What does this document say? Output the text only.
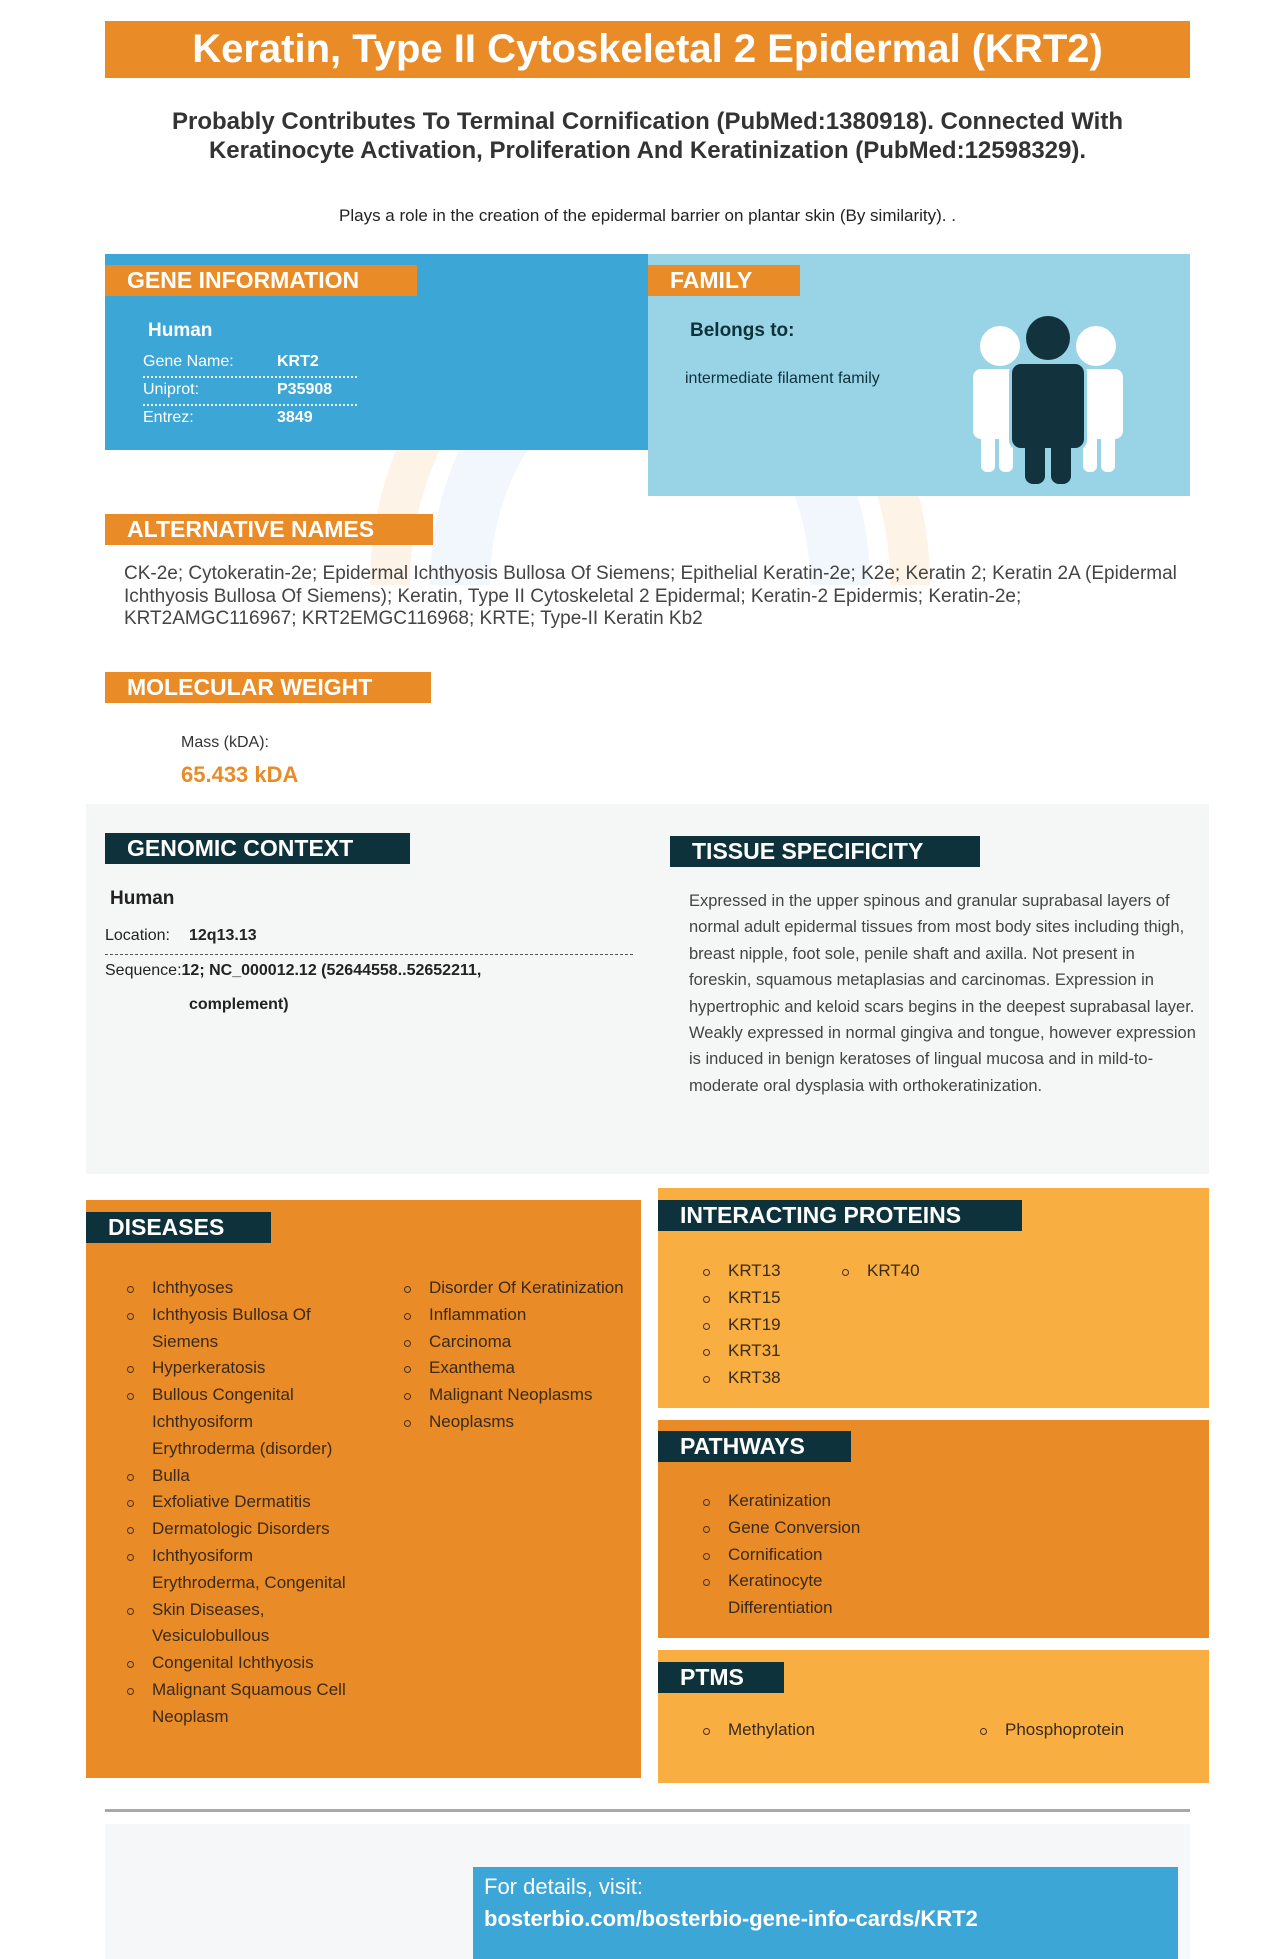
Keratin, Type II Cytoskeletal 2 Epidermal (KRT2)
Probably Contributes To Terminal Cornification (PubMed:1380918). Connected With Keratinocyte Activation, Proliferation And Keratinization (PubMed:12598329).
Plays a role in the creation of the epidermal barrier on plantar skin (By similarity). .
GENE INFORMATION
Human
Gene Name:	KRT2
Uniprot:	P35908
Entrez:	3849
FAMILY
Belongs to:
intermediate filament family
ALTERNATIVE NAMES
CK-2e; Cytokeratin-2e; Epidermal Ichthyosis Bullosa Of Siemens; Epithelial Keratin-2e; K2e; Keratin 2; Keratin 2A (Epidermal Ichthyosis Bullosa Of Siemens); Keratin, Type II Cytoskeletal 2 Epidermal; Keratin-2 Epidermis; Keratin-2e; KRT2AMGC116967; KRT2EMGC116968; KRTE; Type-II Keratin Kb2
MOLECULAR WEIGHT
Mass (kDA):
65.433 kDA
GENOMIC CONTEXT
Human
Location: 12q13.13
Sequence:12; NC_000012.12 (52644558..52652211,
complement)
TISSUE SPECIFICITY
Expressed in the upper spinous and granular suprabasal layers of normal adult epidermal tissues from most body sites including thigh, breast nipple, foot sole, penile shaft and axilla. Not present in foreskin, squamous metaplasias and carcinomas. Expression in hypertrophic and keloid scars begins in the deepest suprabasal layer. Weakly expressed in normal gingiva and tongue, however expression is induced in benign keratoses of lingual mucosa and in mild-to-moderate oral dysplasia with orthokeratinization.
DISEASES
Ichthyoses
Ichthyosis Bullosa Of Siemens
Hyperkeratosis
Bullous Congenital Ichthyosiform Erythroderma (disorder)
Bulla
Exfoliative Dermatitis
Dermatologic Disorders
Ichthyosiform Erythroderma, Congenital
Skin Diseases, Vesiculobullous
Congenital Ichthyosis
Malignant Squamous Cell Neoplasm
Disorder Of Keratinization
Inflammation
Carcinoma
Exanthema
Malignant Neoplasms
Neoplasms
INTERACTING PROTEINS
KRT13
KRT15
KRT19
KRT31
KRT38
KRT40
PATHWAYS
Keratinization
Gene Conversion
Cornification
Keratinocyte Differentiation
PTMS
Methylation	Phosphoprotein
For details, visit:
bosterbio.com/bosterbio-gene-info-cards/KRT2
